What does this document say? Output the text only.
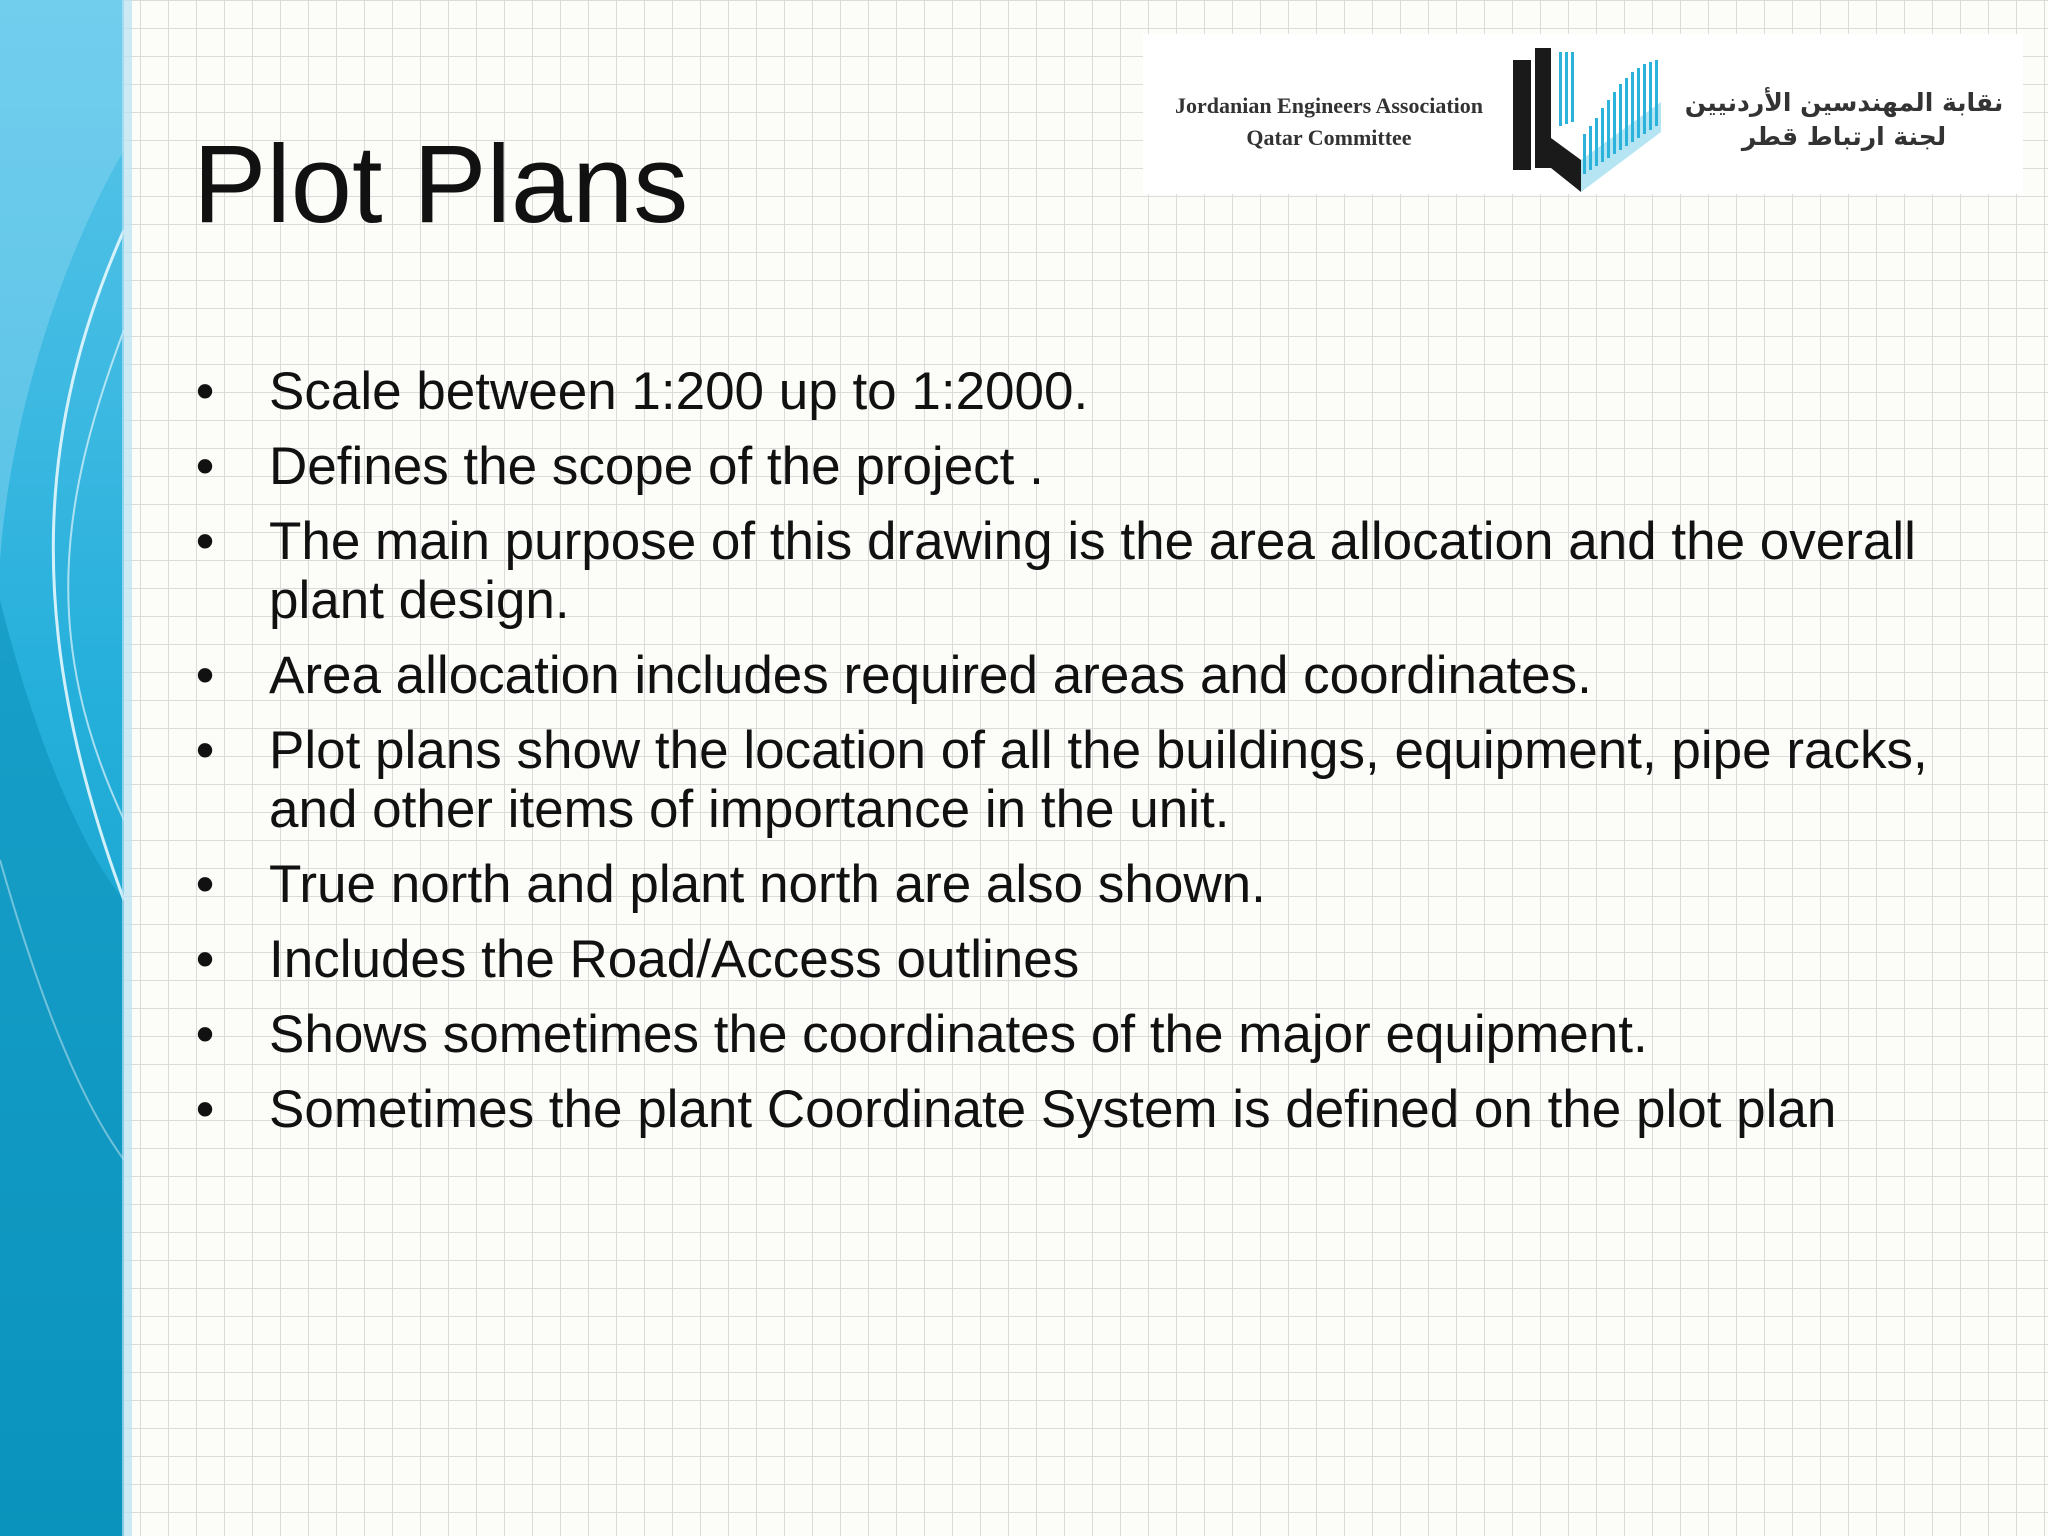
Jordanian Engineers Association
Qatar Committee
نقابة المهندسين الأردنيين
لجنة ارتباط قطر
Plot Plans
• Scale between 1:200 up to 1:2000.
• Defines the scope of the project .
• The main purpose of this drawing is the area allocation and the overall plant design.
• Area allocation includes required areas and coordinates.
• Plot plans show the location of all the buildings, equipment, pipe racks, and other items of importance in the unit.
• True north and plant north are also shown.
• Includes the Road/Access outlines
• Shows sometimes the coordinates of the major equipment.
• Sometimes the plant Coordinate System is defined on the plot plan
